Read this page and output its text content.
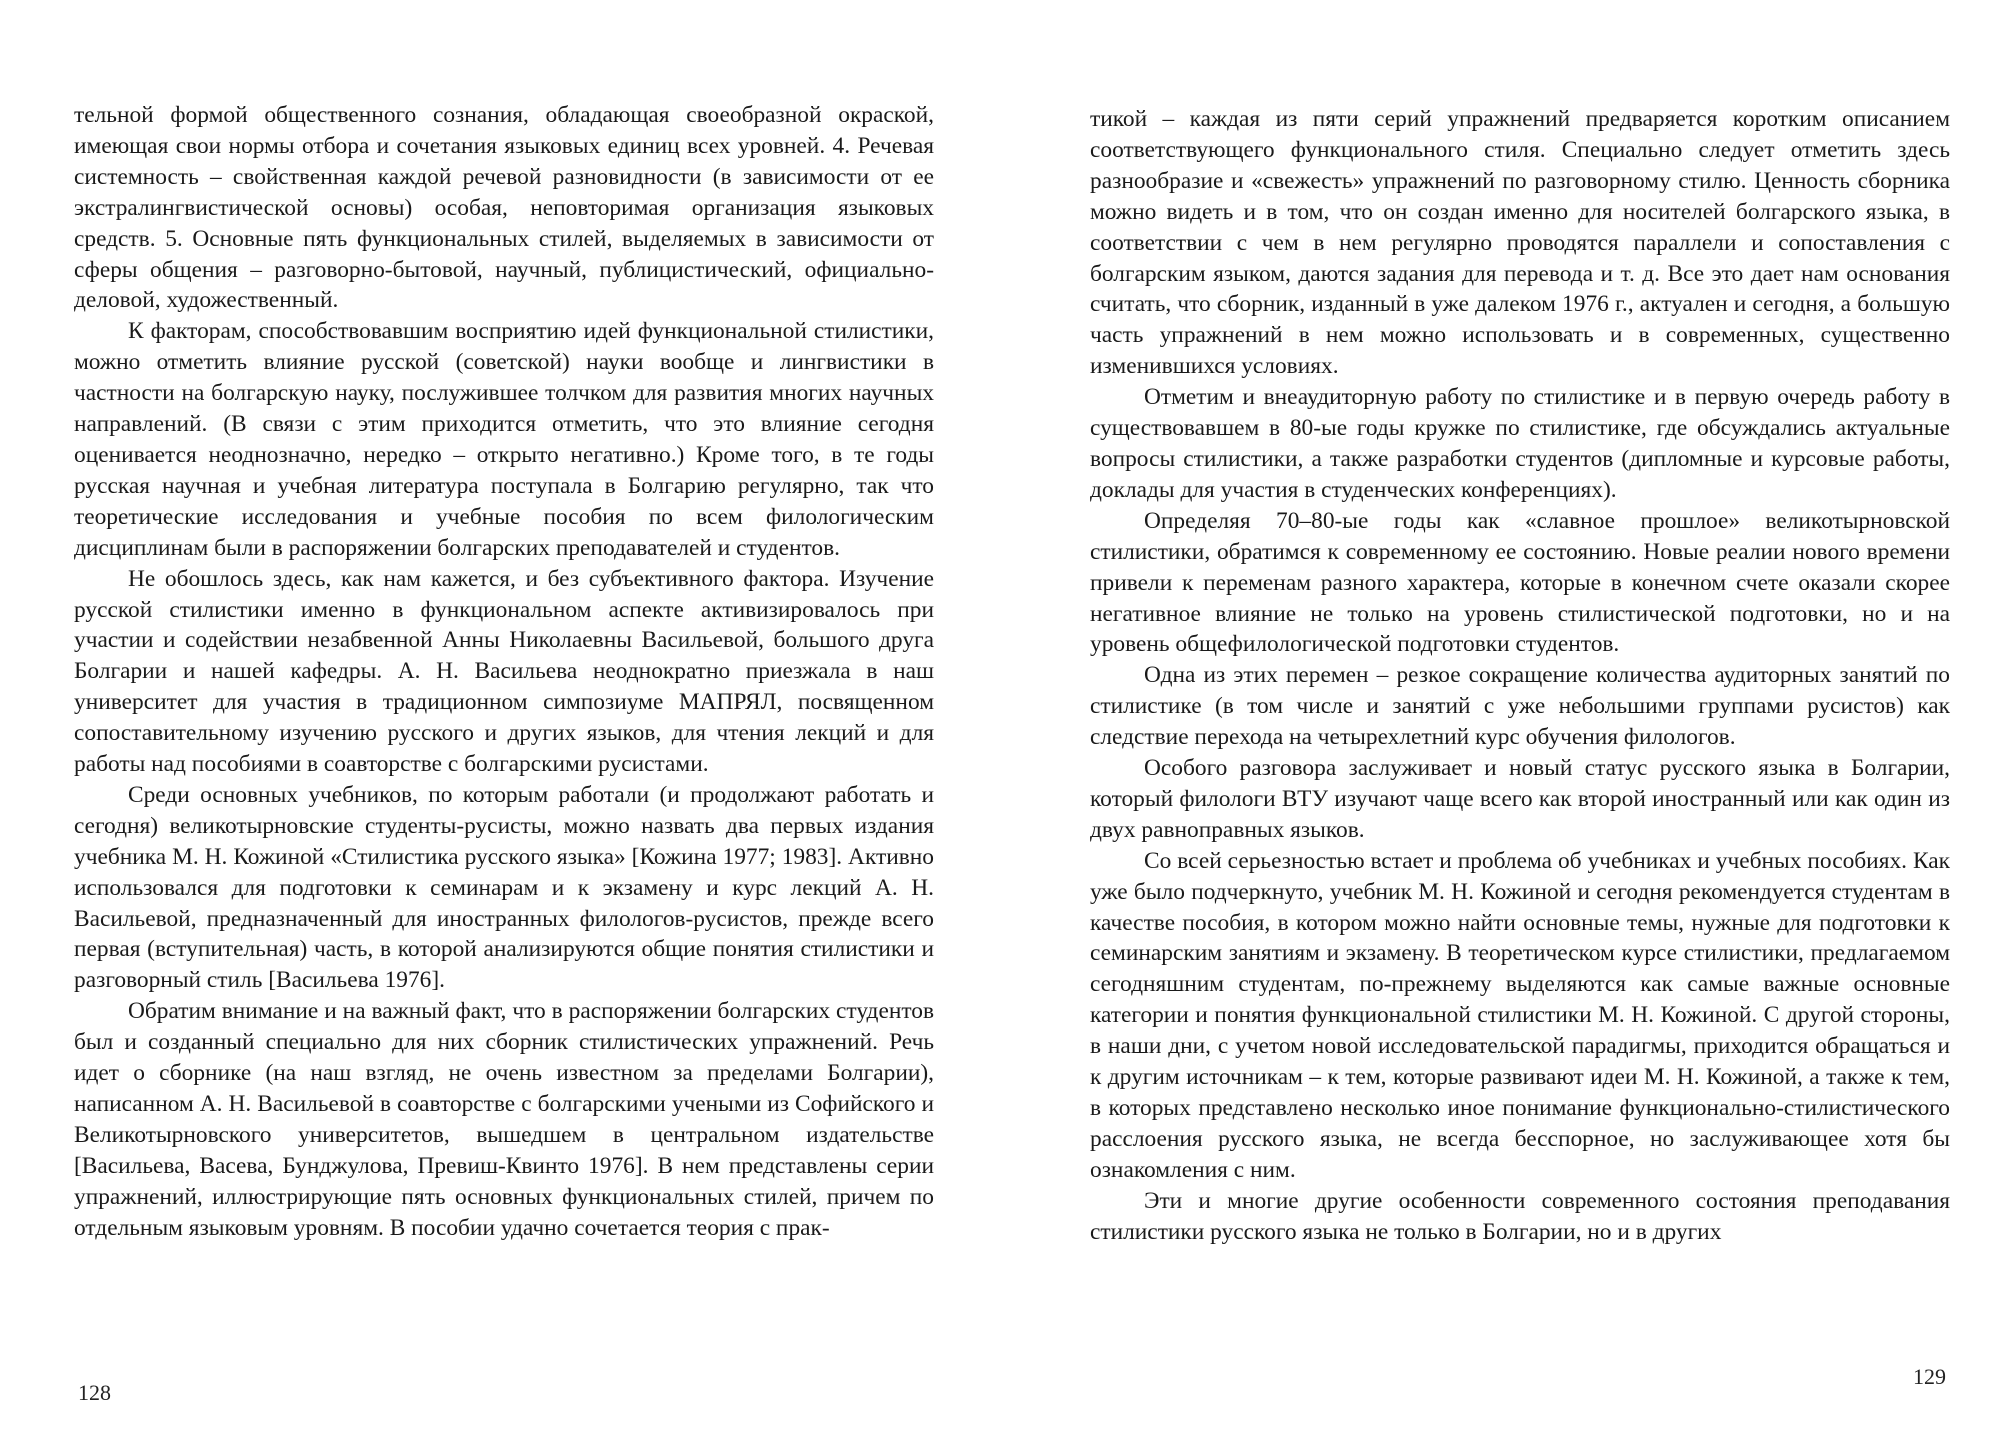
тельной формой общественного сознания, обладающая своеобразной окраской, имеющая свои нормы отбора и сочетания языковых единиц всех уровней. 4. Речевая системность – свойственная каждой речевой разновидности (в зависимости от ее экстралингвистической основы) особая, неповторимая организация языковых средств. 5. Основные пять функциональных стилей, выделяемых в зависимости от сферы общения – разговорно-бытовой, научный, публицистический, официально-деловой, художественный.

К факторам, способствовавшим восприятию идей функциональной стилистики, можно отметить влияние русской (советской) науки вообще и лингвистики в частности на болгарскую науку, послужившее толчком для развития многих научных направлений. (В связи с этим приходится отметить, что это влияние сегодня оценивается неоднозначно, нередко – открыто негативно.) Кроме того, в те годы русская научная и учебная литература поступала в Болгарию регулярно, так что теоретические исследования и учебные пособия по всем филологическим дисциплинам были в распоряжении болгарских преподавателей и студентов.

Не обошлось здесь, как нам кажется, и без субъективного фактора. Изучение русской стилистики именно в функциональном аспекте активизировалось при участии и содействии незабвенной Анны Николаевны Васильевой, большого друга Болгарии и нашей кафедры. А. Н. Васильева неоднократно приезжала в наш университет для участия в традиционном симпозиуме МАПРЯЛ, посвященном сопоставительному изучению русского и других языков, для чтения лекций и для работы над пособиями в соавторстве с болгарскими русистами.

Среди основных учебников, по которым работали (и продолжают работать и сегодня) великотырновские студенты-русисты, можно назвать два первых издания учебника М. Н. Кожиной «Стилистика русского языка» [Кожина 1977; 1983]. Активно использовался для подготовки к семинарам и к экзамену и курс лекций А. Н. Васильевой, предназначенный для иностранных филологов-русистов, прежде всего первая (вступительная) часть, в которой анализируются общие понятия стилистики и разговорный стиль [Васильева 1976].

Обратим внимание и на важный факт, что в распоряжении болгарских студентов был и созданный специально для них сборник стилистических упражнений. Речь идет о сборнике (на наш взгляд, не очень известном за пределами Болгарии), написанном А. Н. Васильевой в соавторстве с болгарскими учеными из Софийского и Великотырновского университетов, вышедшем в центральном издательстве [Васильева, Васева, Бунджулова, Превиш-Квинто 1976]. В нем представлены серии упражнений, иллюстрирующие пять основных функциональных стилей, причем по отдельным языковым уровням. В пособии удачно сочетается теория с прак-

128

тикой – каждая из пяти серий упражнений предваряется коротким описанием соответствующего функционального стиля. Специально следует отметить здесь разнообразие и «свежесть» упражнений по разговорному стилю. Ценность сборника можно видеть и в том, что он создан именно для носителей болгарского языка, в соответствии с чем в нем регулярно проводятся параллели и сопоставления с болгарским языком, даются задания для перевода и т. д. Все это дает нам основания считать, что сборник, изданный в уже далеком 1976 г., актуален и сегодня, а большую часть упражнений в нем можно использовать и в современных, существенно изменившихся условиях.

Отметим и внеаудиторную работу по стилистике и в первую очередь работу в существовавшем в 80-ые годы кружке по стилистике, где обсуждались актуальные вопросы стилистики, а также разработки студентов (дипломные и курсовые работы, доклады для участия в студенческих конференциях).

Определяя 70–80-ые годы как «славное прошлое» великотырновской стилистики, обратимся к современному ее состоянию. Новые реалии нового времени привели к переменам разного характера, которые в конечном счете оказали скорее негативное влияние не только на уровень стилистической подготовки, но и на уровень общефилологической подготовки студентов.

Одна из этих перемен – резкое сокращение количества аудиторных занятий по стилистике (в том числе и занятий с уже небольшими группами русистов) как следствие перехода на четырехлетний курс обучения филологов.

Особого разговора заслуживает и новый статус русского языка в Болгарии, который филологи ВТУ изучают чаще всего как второй иностранный или как один из двух равноправных языков.

Со всей серьезностью встает и проблема об учебниках и учебных пособиях. Как уже было подчеркнуто, учебник М. Н. Кожиной и сегодня рекомендуется студентам в качестве пособия, в котором можно найти основные темы, нужные для подготовки к семинарским занятиям и экзамену. В теоретическом курсе стилистики, предлагаемом сегодняшним студентам, по-прежнему выделяются как самые важные основные категории и понятия функциональной стилистики М. Н. Кожиной. С другой стороны, в наши дни, с учетом новой исследовательской парадигмы, приходится обращаться и к другим источникам – к тем, которые развивают идеи М. Н. Кожиной, а также к тем, в которых представлено несколько иное понимание функционально-стилистического расслоения русского языка, не всегда бесспорное, но заслуживающее хотя бы ознакомления с ним.

Эти и многие другие особенности современного состояния преподавания стилистики русского языка не только в Болгарии, но и в других

129
